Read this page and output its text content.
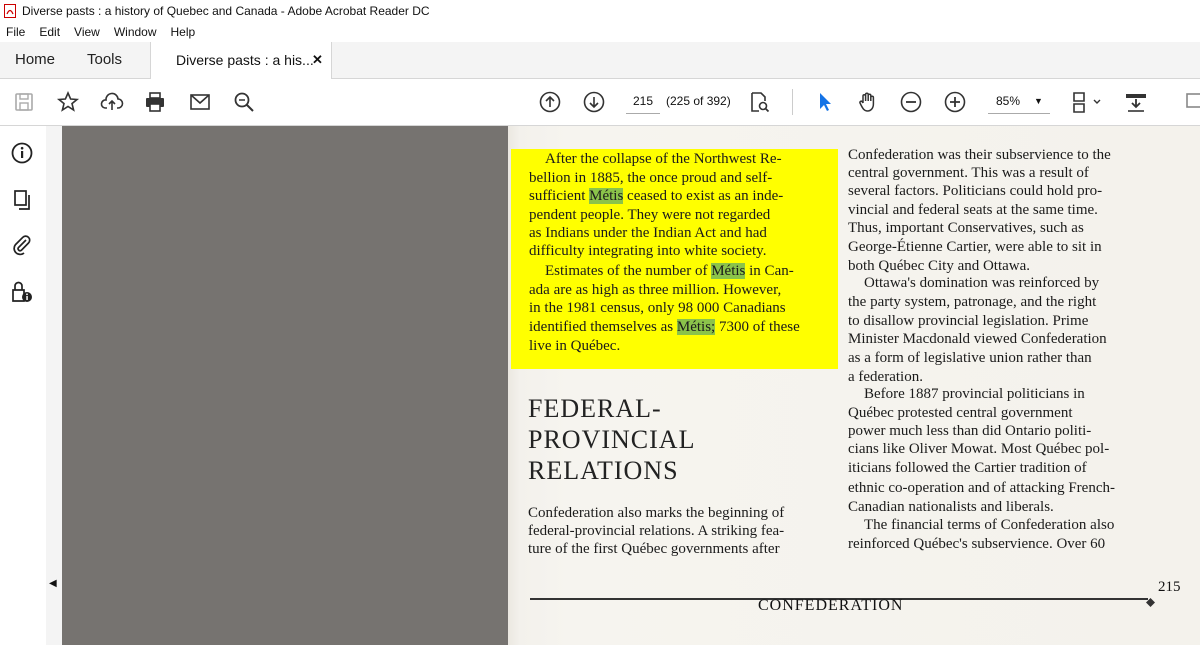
Diverse pasts : a history of Quebec and Canada - Adobe Acrobat Reader DC
File Edit View Window Help
Home Tools	Diverse pasts : a his...
✕
215	(225 of 392)	85% ▼
◀
After the collapse of the Northwest Re-
bellion in 1885, the once proud and self-
sufficient Métis ceased to exist as an inde-
pendent people. They were not regarded
as Indians under the Indian Act and had
difficulty integrating into white society.
Estimates of the number of Métis in Can-
ada are as high as three million. However,
in the 1981 census, only 98 000 Canadians
identified themselves as Métis; 7300 of these
live in Québec.
FEDERAL-
PROVINCIAL
RELATIONS
Confederation also marks the beginning of
federal-provincial relations. A striking fea-
ture of the first Québec governments after
Confederation was their subservience to the
central government. This was a result of
several factors. Politicians could hold pro-
vincial and federal seats at the same time.
Thus, important Conservatives, such as
George-Étienne Cartier, were able to sit in
both Québec City and Ottawa.
Ottawa's domination was reinforced by
the party system, patronage, and the right
to disallow provincial legislation. Prime
Minister Macdonald viewed Confederation
as a form of legislative union rather than
a federation.
Before 1887 provincial politicians in
Québec protested central government
power much less than did Ontario politi-
cians like Oliver Mowat. Most Québec pol-
iticians followed the Cartier tradition of
ethnic co-operation and of attacking French-
Canadian nationalists and liberals.
The financial terms of Confederation also
reinforced Québec's subservience. Over 60
215
CONFEDERATION
